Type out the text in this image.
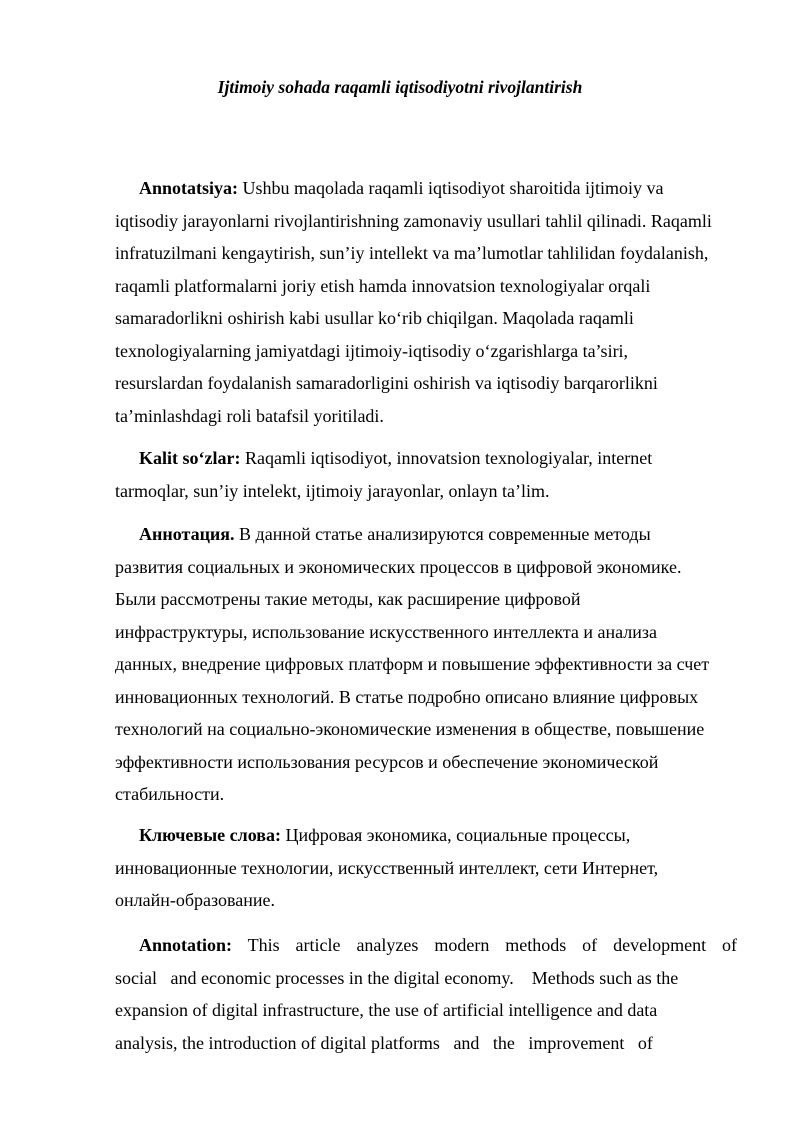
Ijtimoiy sohada raqamli iqtisodiyotni rivojlantirish
Annotatsiya: Ushbu maqolada raqamli iqtisodiyot sharoitida ijtimoiy va
iqtisodiy jarayonlarni rivojlantirishning zamonaviy usullari tahlil qilinadi. Raqamli
infratuzilmani kengaytirish, sun’iy intellekt va ma’lumotlar tahlilidan foydalanish,
raqamli platformalarni joriy etish hamda innovatsion texnologiyalar orqali
samaradorlikni oshirish kabi usullar ko‘rib chiqilgan. Maqolada raqamli
texnologiyalarning jamiyatdagi ijtimoiy-iqtisodiy o‘zgarishlarga ta’siri,
resurslardan foydalanish samaradorligini oshirish va iqtisodiy barqarorlikni
ta’minlashdagi roli batafsil yoritiladi.
Kalit so‘zlar: Raqamli iqtisodiyot, innovatsion texnologiyalar, internet
tarmoqlar, sun’iy intelekt, ijtimoiy jarayonlar, onlayn ta’lim.
Аннотация. В данной статье анализируются современные методы
развития социальных и экономических процессов в цифровой экономике.
Были рассмотрены такие методы, как расширение цифровой
инфраструктуры, использование искусственного интеллекта и анализа
данных, внедрение цифровых платформ и повышение эффективности за счет
инновационных технологий. В статье подробно описано влияние цифровых
технологий на социально-экономические изменения в обществе, повышение
эффективности использования ресурсов и обеспечение экономической
стабильности.
Ключевые слова: Цифровая экономика, социальные процессы,
инновационные технологии, искусственный интеллект, сети Интернет,
онлайн-образование.
Annotation: This article analyzes modern methods of development of
social   and economic processes in the digital economy.    Methods such as the
expansion of digital infrastructure, the use of artificial intelligence and data
analysis, the introduction of digital platforms   and   the   improvement   of
